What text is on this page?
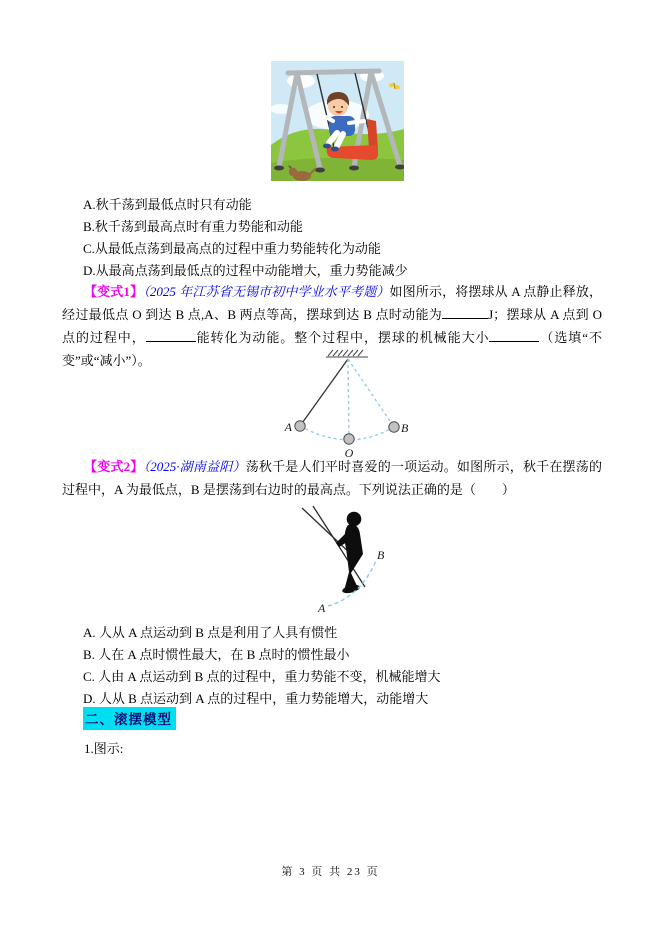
A.秋千荡到最低点时只有动能
B.秋千荡到最高点时有重力势能和动能
C.从最低点荡到最高点的过程中重力势能转化为动能
D.从最高点荡到最低点的过程中动能增大，重力势能减少
【变式1】（2025 年江苏省无锡市初中学业水平考题）如图所示，将摆球从 A 点静止释放，经过最低点 O 到达 B 点,A、B 两点等高，摆球到达 B 点时动能为	J；摆球从 A 点到 O 点的过程中，	能转化为动能。整个过程中，摆球的机械能大小	（选填“不变”或“减小”）。
A
O
B
【变式2】（2025·湖南益阳）荡秋千是人们平时喜爱的一项运动。如图所示，秋千在摆荡的过程中，A 为最低点，B 是摆荡到右边时的最高点。下列说法正确的是（　　）
A
B
A. 人从 A 点运动到 B 点是利用了人具有惯性
B. 人在 A 点时惯性最大，在 B 点时的惯性最小
C. 人由 A 点运动到 B 点的过程中，重力势能不变，机械能增大
D. 人从 B 点运动到 A 点的过程中，重力势能增大，动能增大
二、滚摆模型
1.图示:
第 3 页 共 23 页
